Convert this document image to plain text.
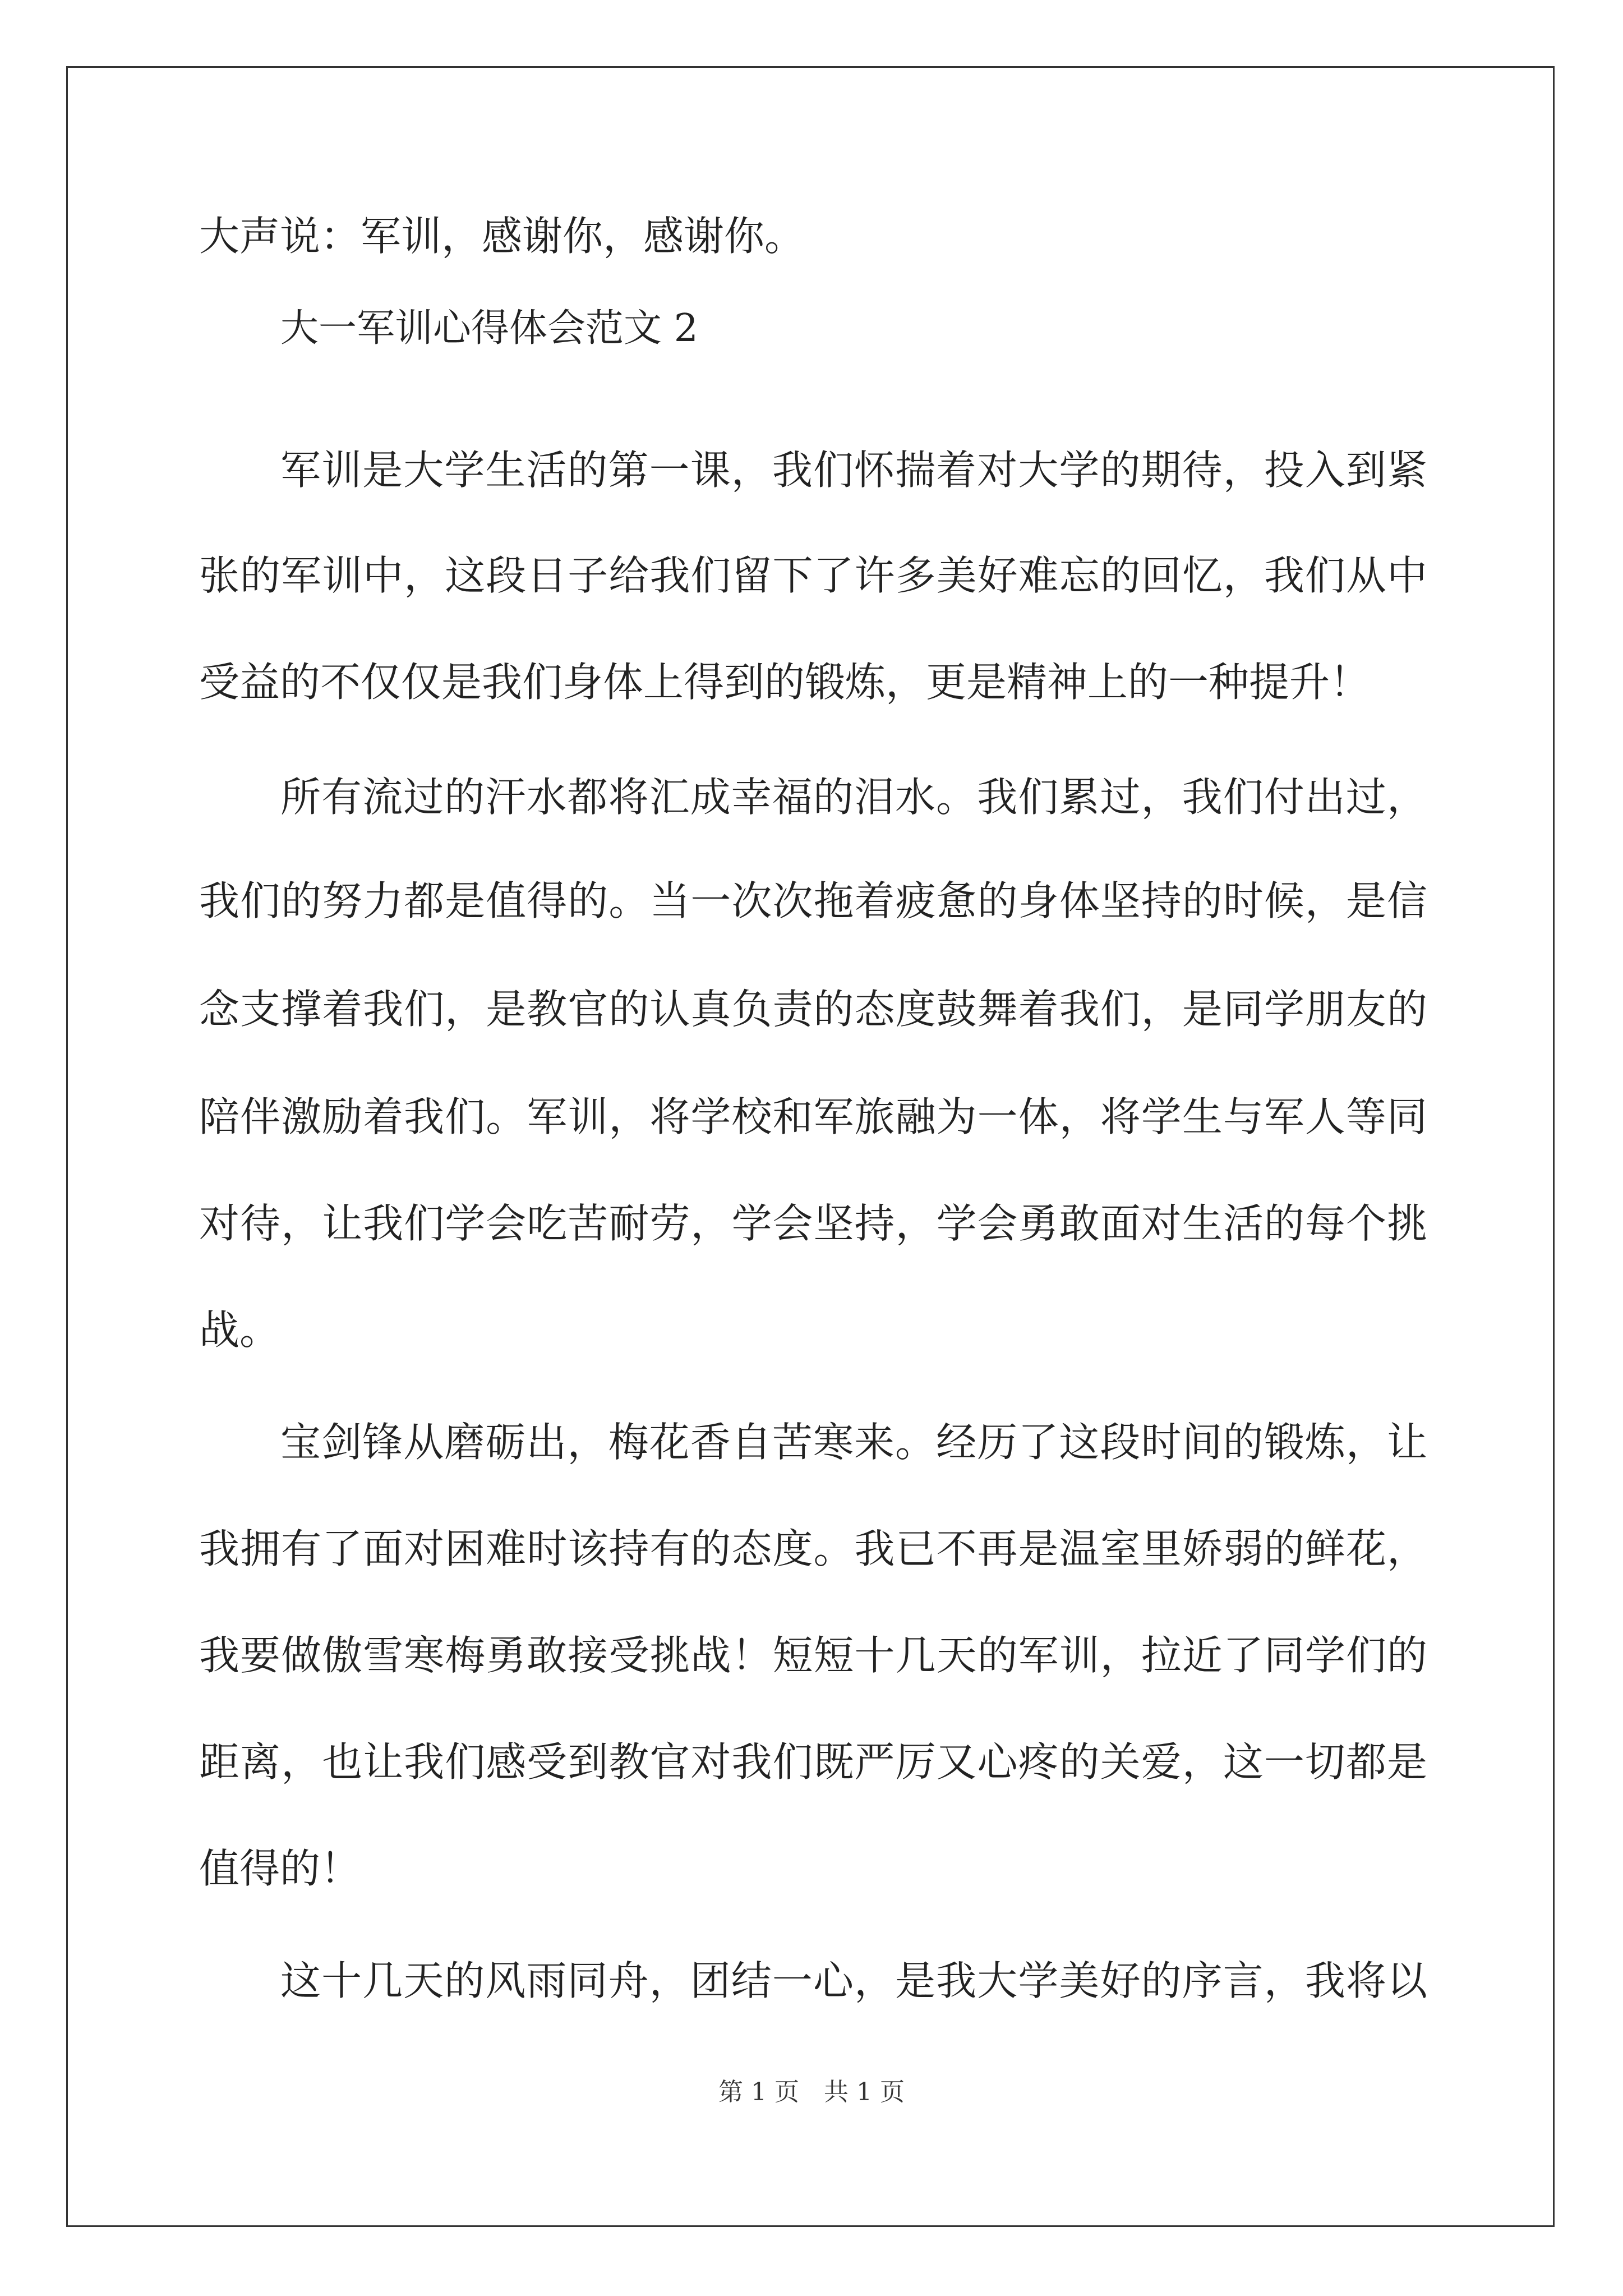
大声说：军训，感谢你，感谢你。

大一军训心得体会范文 2

军训是大学生活的第一课，我们怀揣着对大学的期待，投入到紧

张的军训中，这段日子给我们留下了许多美好难忘的回忆，我们从中

受益的不仅仅是我们身体上得到的锻炼，更是精神上的一种提升！

所有流过的汗水都将汇成幸福的泪水。我们累过，我们付出过，

我们的努力都是值得的。当一次次拖着疲惫的身体坚持的时候，是信

念支撑着我们，是教官的认真负责的态度鼓舞着我们，是同学朋友的

陪伴激励着我们。军训，将学校和军旅融为一体，将学生与军人等同

对待，让我们学会吃苦耐劳，学会坚持，学会勇敢面对生活的每个挑

战。

宝剑锋从磨砺出，梅花香自苦寒来。经历了这段时间的锻炼，让

我拥有了面对困难时该持有的态度。我已不再是温室里娇弱的鲜花，

我要做傲雪寒梅勇敢接受挑战！短短十几天的军训，拉近了同学们的

距离，也让我们感受到教官对我们既严厉又心疼的关爱，这一切都是

值得的！

这十几天的风雨同舟，团结一心，是我大学美好的序言，我将以

第 1 页　共 1 页
